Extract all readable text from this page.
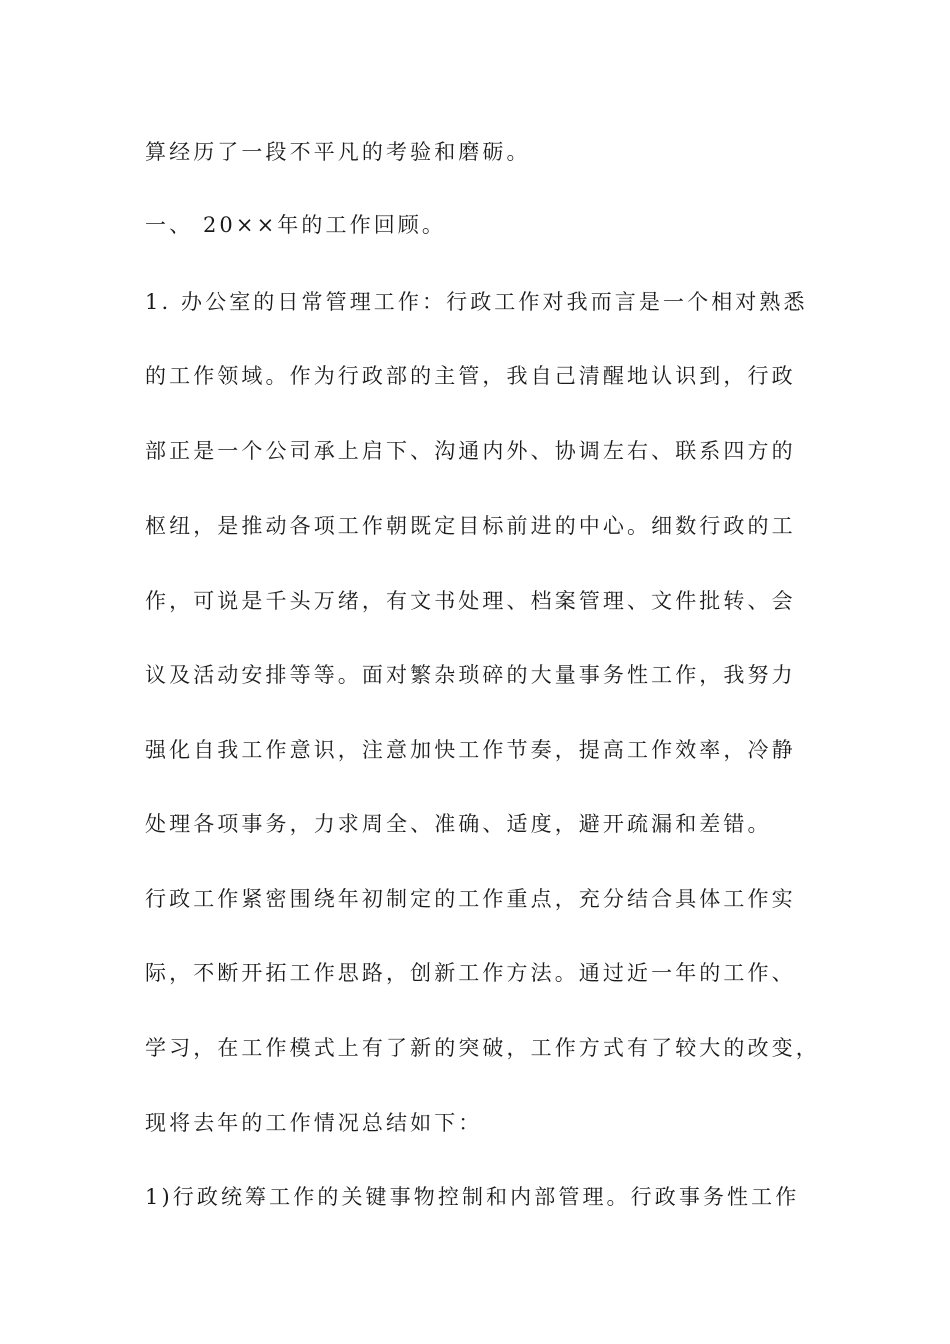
算经历了一段不平凡的考验和磨砺。
一、 20××年的工作回顾。
1. 办公室的日常管理工作：行政工作对我而言是一个相对熟悉
的工作领域。作为行政部的主管，我自己清醒地认识到，行政
部正是一个公司承上启下、沟通内外、协调左右、联系四方的
枢纽，是推动各项工作朝既定目标前进的中心。细数行政的工
作，可说是千头万绪，有文书处理、档案管理、文件批转、会
议及活动安排等等。面对繁杂琐碎的大量事务性工作，我努力
强化自我工作意识，注意加快工作节奏，提高工作效率，冷静
处理各项事务，力求周全、准确、适度，避开疏漏和差错。
行政工作紧密围绕年初制定的工作重点，充分结合具体工作实
际，不断开拓工作思路，创新工作方法。通过近一年的工作、
学习，在工作模式上有了新的突破，工作方式有了较大的改变，
现将去年的工作情况总结如下：
1)行政统筹工作的关键事物控制和内部管理。行政事务性工作
